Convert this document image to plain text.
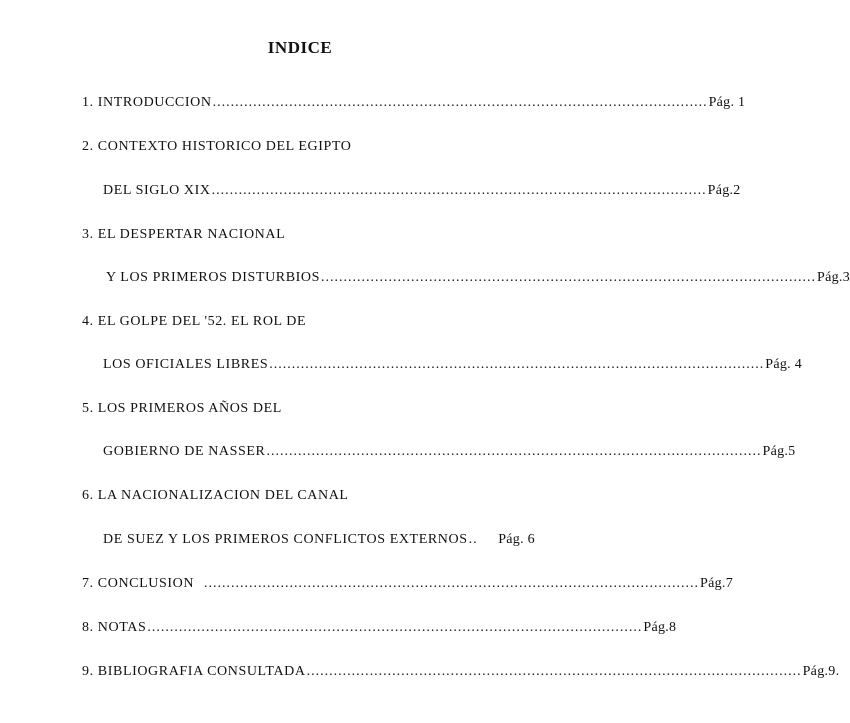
INDICE
1. INTRODUCCION .............................................................................................................. Pág. 1
2. CONTEXTO HISTORICO DEL EGIPTO
DEL SIGLO XIX .............................................................................................................. Pág.2
3. EL DESPERTAR NACIONAL
Y LOS PRIMEROS DISTURBIOS .............................................................................................................. Pág.3
4. EL GOLPE DEL '52. EL ROL DE
LOS OFICIALES LIBRES .............................................................................................................. Pág. 4
5. LOS PRIMEROS AÑOS DEL
GOBIERNO DE NASSER .............................................................................................................. Pág.5
6. LA NACIONALIZACION DEL CANAL
DE SUEZ Y LOS PRIMEROS CONFLICTOS EXTERNOS ..	Pág. 6
7. CONCLUSION .............................................................................................................. Pág.7
8. NOTAS .............................................................................................................. Pág.8
9. BIBLIOGRAFIA CONSULTADA .............................................................................................................. Pág.9.
